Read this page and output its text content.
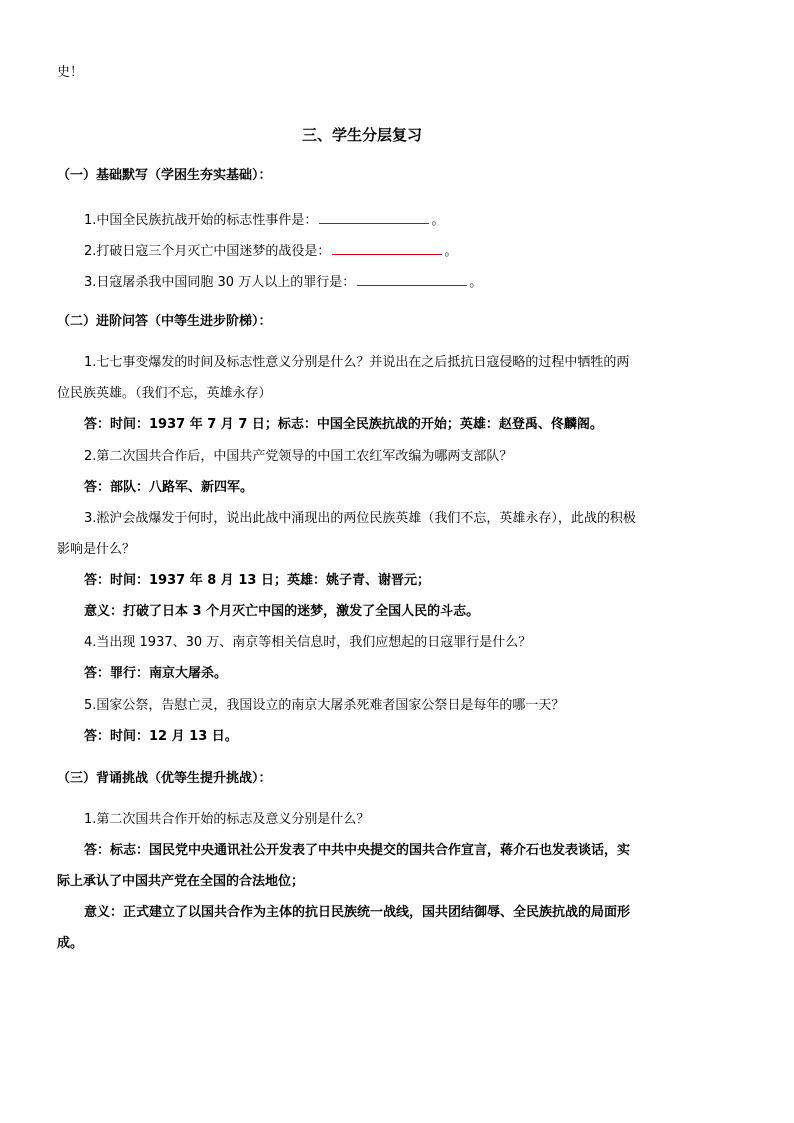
史！
三、学生分层复习
（一）基础默写（学困生夯实基础）：
1.中国全民族抗战开始的标志性事件是：	。
2.打破日寇三个月灭亡中国迷梦的战役是：	。
3.日寇屠杀我中国同胞 30 万人以上的罪行是：	。
（二）进阶问答（中等生进步阶梯）：
1.七七事变爆发的时间及标志性意义分别是什么？并说出在之后抵抗日寇侵略的过程中牺牲的两
位民族英雄。（我们不忘，英雄永存）
答：时间：1937 年 7 月 7 日；标志：中国全民族抗战的开始；英雄：赵登禹、佟麟阁。
2.第二次国共合作后，中国共产党领导的中国工农红军改编为哪两支部队？
答：部队：八路军、新四军。
3.淞沪会战爆发于何时，说出此战中涌现出的两位民族英雄（我们不忘，英雄永存），此战的积极
影响是什么？
答：时间：1937 年 8 月 13 日；英雄：姚子青、谢晋元；
意义：打破了日本 3 个月灭亡中国的迷梦，激发了全国人民的斗志。
4.当出现 1937、30 万、南京等相关信息时，我们应想起的日寇罪行是什么？
答：罪行：南京大屠杀。
5.国家公祭，告慰亡灵，我国设立的南京大屠杀死难者国家公祭日是每年的哪一天？
答：时间：12 月 13 日。
（三）背诵挑战（优等生提升挑战）：
1.第二次国共合作开始的标志及意义分别是什么？
答：标志：国民党中央通讯社公开发表了中共中央提交的国共合作宣言，蒋介石也发表谈话，实
际上承认了中国共产党在全国的合法地位；
意义：正式建立了以国共合作为主体的抗日民族统一战线，国共团结御辱、全民族抗战的局面形
成。
